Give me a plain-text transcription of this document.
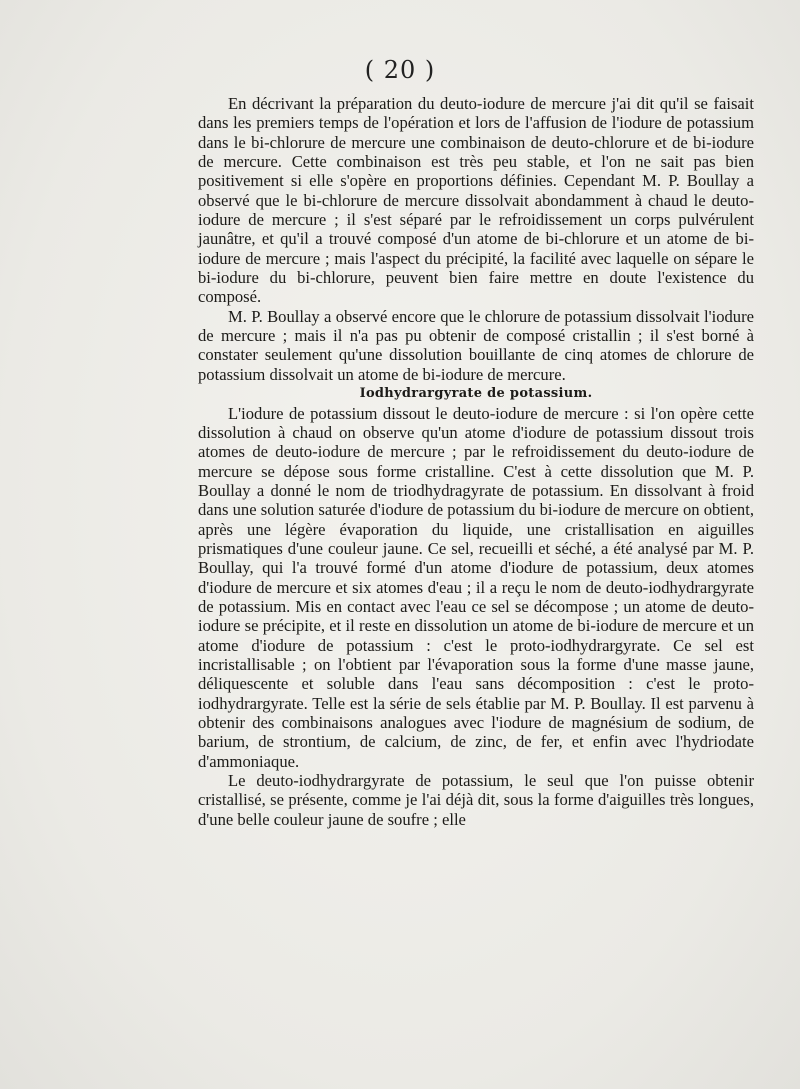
( 20 )

En décrivant la préparation du deuto-iodure de mercure j'ai dit qu'il se faisait dans les premiers temps de l'opération et lors de l'affusion de l'iodure de potassium dans le bi-chlorure de mercure une combinaison de deuto-chlorure et de bi-iodure de mercure. Cette combinaison est très peu stable, et l'on ne sait pas bien positivement si elle s'opère en proportions définies. Cependant M. P. Boullay a observé que le bi-chlorure de mercure dissolvait abondamment à chaud le deuto-iodure de mercure ; il s'est séparé par le refroidissement un corps pulvérulent jaunâtre, et qu'il a trouvé composé d'un atome de bi-chlorure et un atome de bi-iodure de mercure ; mais l'aspect du précipité, la facilité avec laquelle on sépare le bi-iodure du bi-chlorure, peuvent bien faire mettre en doute l'existence du composé.

M. P. Boullay a observé encore que le chlorure de potassium dissolvait l'iodure de mercure ; mais il n'a pas pu obtenir de composé cristallin ; il s'est borné à constater seulement qu'une dissolution bouillante de cinq atomes de chlorure de potassium dissolvait un atome de bi-iodure de mercure.

Iodhydrargyrate de potassium.

L'iodure de potassium dissout le deuto-iodure de mercure : si l'on opère cette dissolution à chaud on observe qu'un atome d'iodure de potassium dissout trois atomes de deuto-iodure de mercure ; par le refroidissement du deuto-iodure de mercure se dépose sous forme cristalline. C'est à cette dissolution que M. P. Boullay a donné le nom de triodhydragyrate de potassium. En dissolvant à froid dans une solution saturée d'iodure de potassium du bi-iodure de mercure on obtient, après une légère évaporation du liquide, une cristallisation en aiguilles prismatiques d'une couleur jaune. Ce sel, recueilli et séché, a été analysé par M. P. Boullay, qui l'a trouvé formé d'un atome d'iodure de potassium, deux atomes d'iodure de mercure et six atomes d'eau ; il a reçu le nom de deuto-iodhydrargyrate de potassium. Mis en contact avec l'eau ce sel se décompose ; un atome de deuto-iodure se précipite, et il reste en dissolution un atome de bi-iodure de mercure et un atome d'iodure de potassium : c'est le proto-iodhydrargyrate. Ce sel est incristallisable ; on l'obtient par l'évaporation sous la forme d'une masse jaune, déliquescente et soluble dans l'eau sans décomposition : c'est le proto-iodhydrargyrate. Telle est la série de sels établie par M. P. Boullay. Il est parvenu à obtenir des combinaisons analogues avec l'iodure de magnésium de sodium, de barium, de strontium, de calcium, de zinc, de fer, et enfin avec l'hydriodate d'ammoniaque.

Le deuto-iodhydrargyrate de potassium, le seul que l'on puisse obtenir cristallisé, se présente, comme je l'ai déjà dit, sous la forme d'aiguilles très longues, d'une belle couleur jaune de soufre ; elle
